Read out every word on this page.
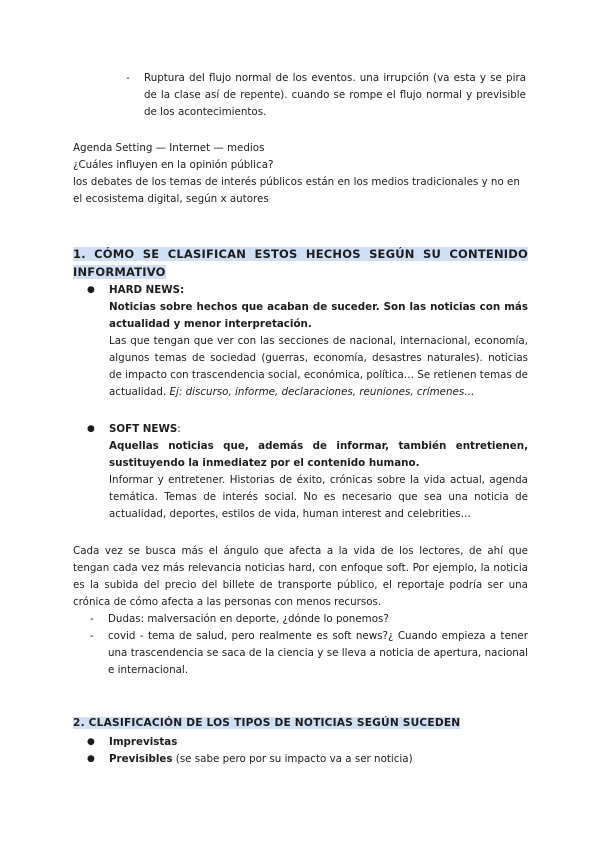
- Ruptura del flujo normal de los eventos. una irrupción (va esta y se pira de la clase así de repente). cuando se rompe el flujo normal y previsible de los acontecimientos.

Agenda Setting — Internet — medios

¿Cuáles influyen en la opinión pública?

los debates de los temas de interés públicos están en los medios tradicionales y no en el ecosistema digital, según x autores

1. CÓMO SE CLASIFICAN ESTOS HECHOS SEGÚN SU CONTENIDO INFORMATIVO
● HARD NEWS:

Noticias sobre hechos que acaban de suceder. Son las noticias con más actualidad y menor interpretación.

Las que tengan que ver con las secciones de nacional, internacional, economía, algunos temas de sociedad (guerras, economía, desastres naturales). noticias de impacto con trascendencia social, económica, política… Se retienen temas de actualidad. Ej: discurso, informe, declaraciones, reuniones, crímenes…

● SOFT NEWS:

Aquellas noticias que, además de informar, también entretienen, sustituyendo la inmediatez por el contenido humano.

Informar y entretener. Historias de éxito, crónicas sobre la vida actual, agenda temática. Temas de interés social. No es necesario que sea una noticia de actualidad, deportes, estilos de vida, human interest and celebrities…

Cada vez se busca más el ángulo que afecta a la vida de los lectores, de ahí que tengan cada vez más relevancia noticias hard, con enfoque soft. Por ejemplo, la noticia es la subida del precio del billete de transporte público, el reportaje podría ser una crónica de cómo afecta a las personas con menos recursos.

- Dudas: malversación en deporte, ¿dónde lo ponemos?

- covid - tema de salud, pero realmente es soft news?¿ Cuando empieza a tener una trascendencia se saca de la ciencia y se lleva a noticia de apertura, nacional e internacional.

2. CLASIFICACIÓN DE LOS TIPOS DE NOTICIAS SEGÚN SUCEDEN
● Imprevistas

● Previsibles (se sabe pero por su impacto va a ser noticia)
